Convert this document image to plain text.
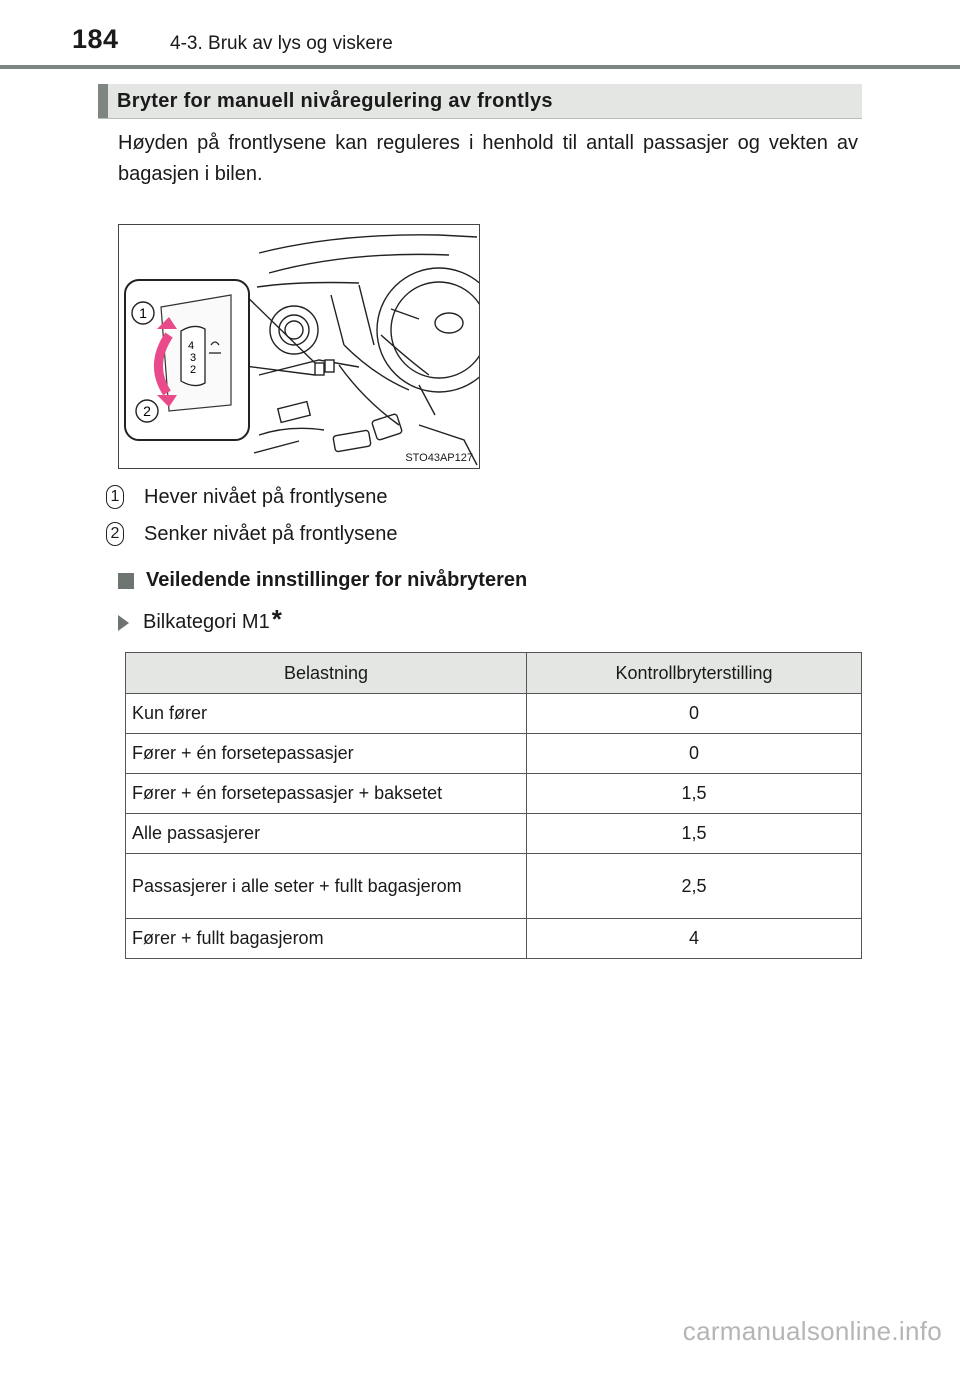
184	4-3. Bruk av lys og viskere
Bryter for manuell nivåregulering av frontlys
Høyden på frontlysene kan reguleres i henhold til antall passasjer og vekten av bagasjen i bilen.
1
2
4
3
2
STO43AP127
1 Hever nivået på frontlysene
2 Senker nivået på frontlysene
Veiledende innstillinger for nivåbryteren
Bilkategori M1*
Belastning	Kontrollbryterstilling
Kun fører	0
Fører + én forsetepassasjer	0
Fører + én forsetepassasjer + baksetet	1,5
Alle passasjerer	1,5
Passasjerer i alle seter + fullt bagasjerom	2,5
Fører + fullt bagasjerom	4
carmanualsonline.info
